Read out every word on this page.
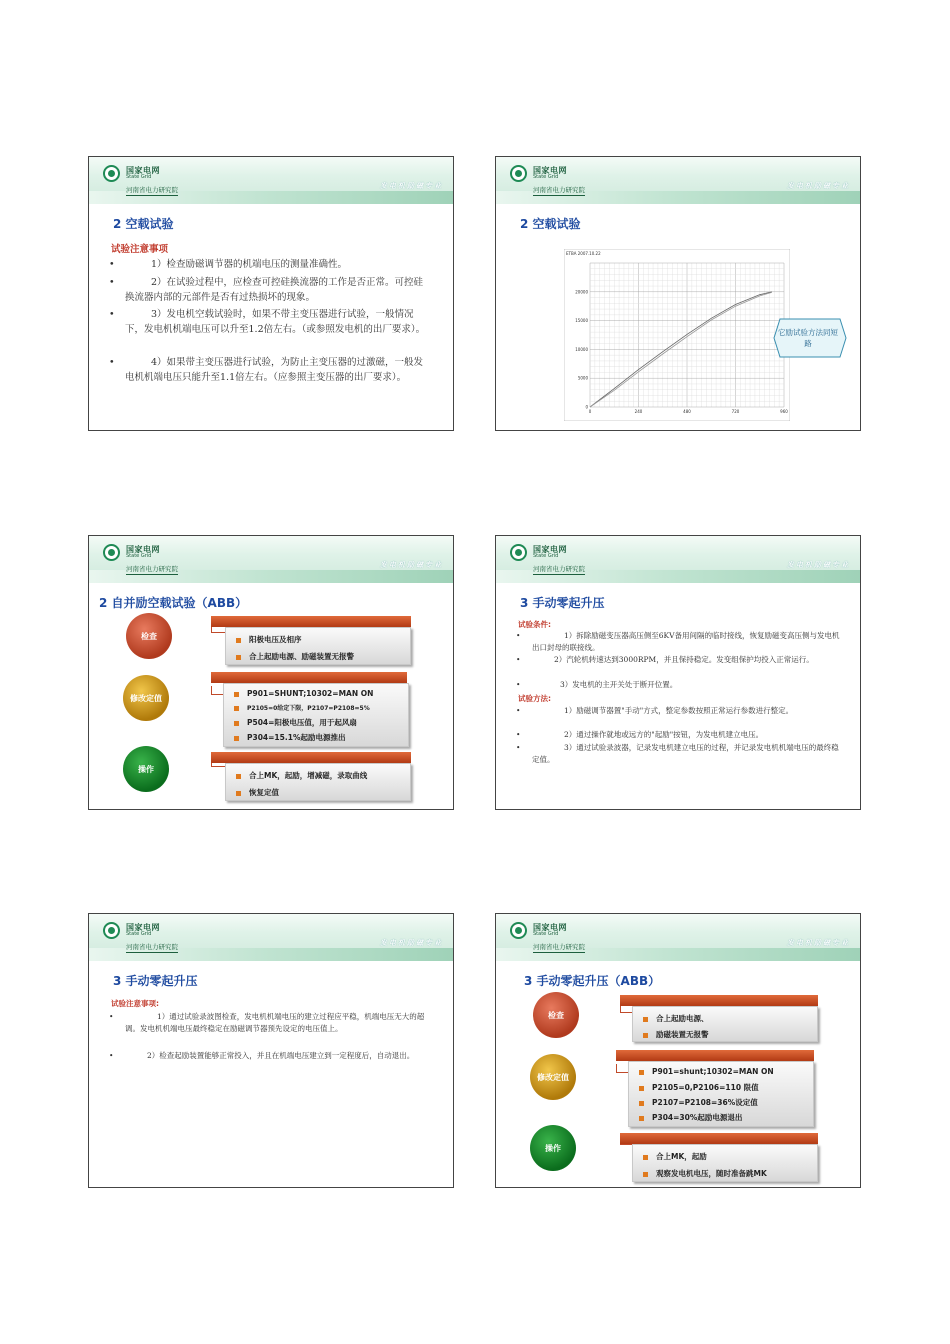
国家电网
State Grid
河南省电力研究院	发电机励磁专业
2 空载试验
试验注意事项
•	1）检查励磁调节器的机端电压的测量准确性。
•	2）在试验过程中，应检查可控硅换流器的工作是否正常。可控硅换流器内部的元部件是否有过热损坏的现象。
•	3）发电机空载试验时，如果不带主变压器进行试验，一般情况下，发电机机端电压可以升至1.2倍左右。（或参照发电机的出厂要求）。
•	4）如果带主变压器进行试验，为防止主变压器的过激磁，一般发电机机端电压只能升至1.1倍左右。（应参照主变压器的出厂要求）。
国家电网
State Grid
河南省电力研究院	发电机励磁专业
2 空载试验
ETBA 2007.10.22
0	240	480	720	960
0
5000
10000
15000
20000
它励试验方法同短路
国家电网
State Grid
河南省电力研究院	发电机励磁专业
2 自并励空载试验（ABB）
检查	阳极电压及相序
合上起励电源、励磁装置无报警
修改定值	P901=SHUNT;10302=MAN ON
P2105=0给定下限，P2107=P2108=5%
P504=阳极电压值，用于起风扇
P304=15.1%起励电源推出
操作
合上MK，起励，增减磁，录取曲线
恢复定值
国家电网
State Grid
河南省电力研究院	发电机励磁专业
3 手动零起升压
试验条件:
•	1）拆除励磁变压器高压侧至6KV备用间隔的临时接线，恢复励磁变高压侧与发电机出口封母的联接线。
•	2）汽轮机转速达到3000RPM，并且保持稳定。发变组保护均投入正常运行。
•	3）发电机的主开关处于断开位置。
试验方法:
•	1）励磁调节器置"手动"方式，整定参数按照正常运行参数进行整定。
•	2）通过操作就地或远方的"起励"按钮，为发电机建立电压。
•	3）通过试验录波器，记录发电机建立电压的过程，并记录发电机机端电压的最终稳定值。
国家电网
State Grid
河南省电力研究院	发电机励磁专业
3 手动零起升压
试验注意事项:
•	1）通过试验录波图检查，发电机机端电压的建立过程应平稳，机端电压无大的超调。发电机机端电压最终稳定在励磁调节器预先设定的电压值上。
•	2）检查起励装置能够正常投入，并且在机端电压建立到一定程度后，自动退出。
国家电网
State Grid
河南省电力研究院	发电机励磁专业
3 手动零起升压（ABB）
检查	合上起励电源、
励磁装置无报警
修改定值
P901=shunt;10302=MAN ON
P2105=0,P2106=110 限值
P2107=P2108=36%设定值
P304=30%起励电源退出
操作
合上MK，起励
观察发电机电压，随时准备跳MK
